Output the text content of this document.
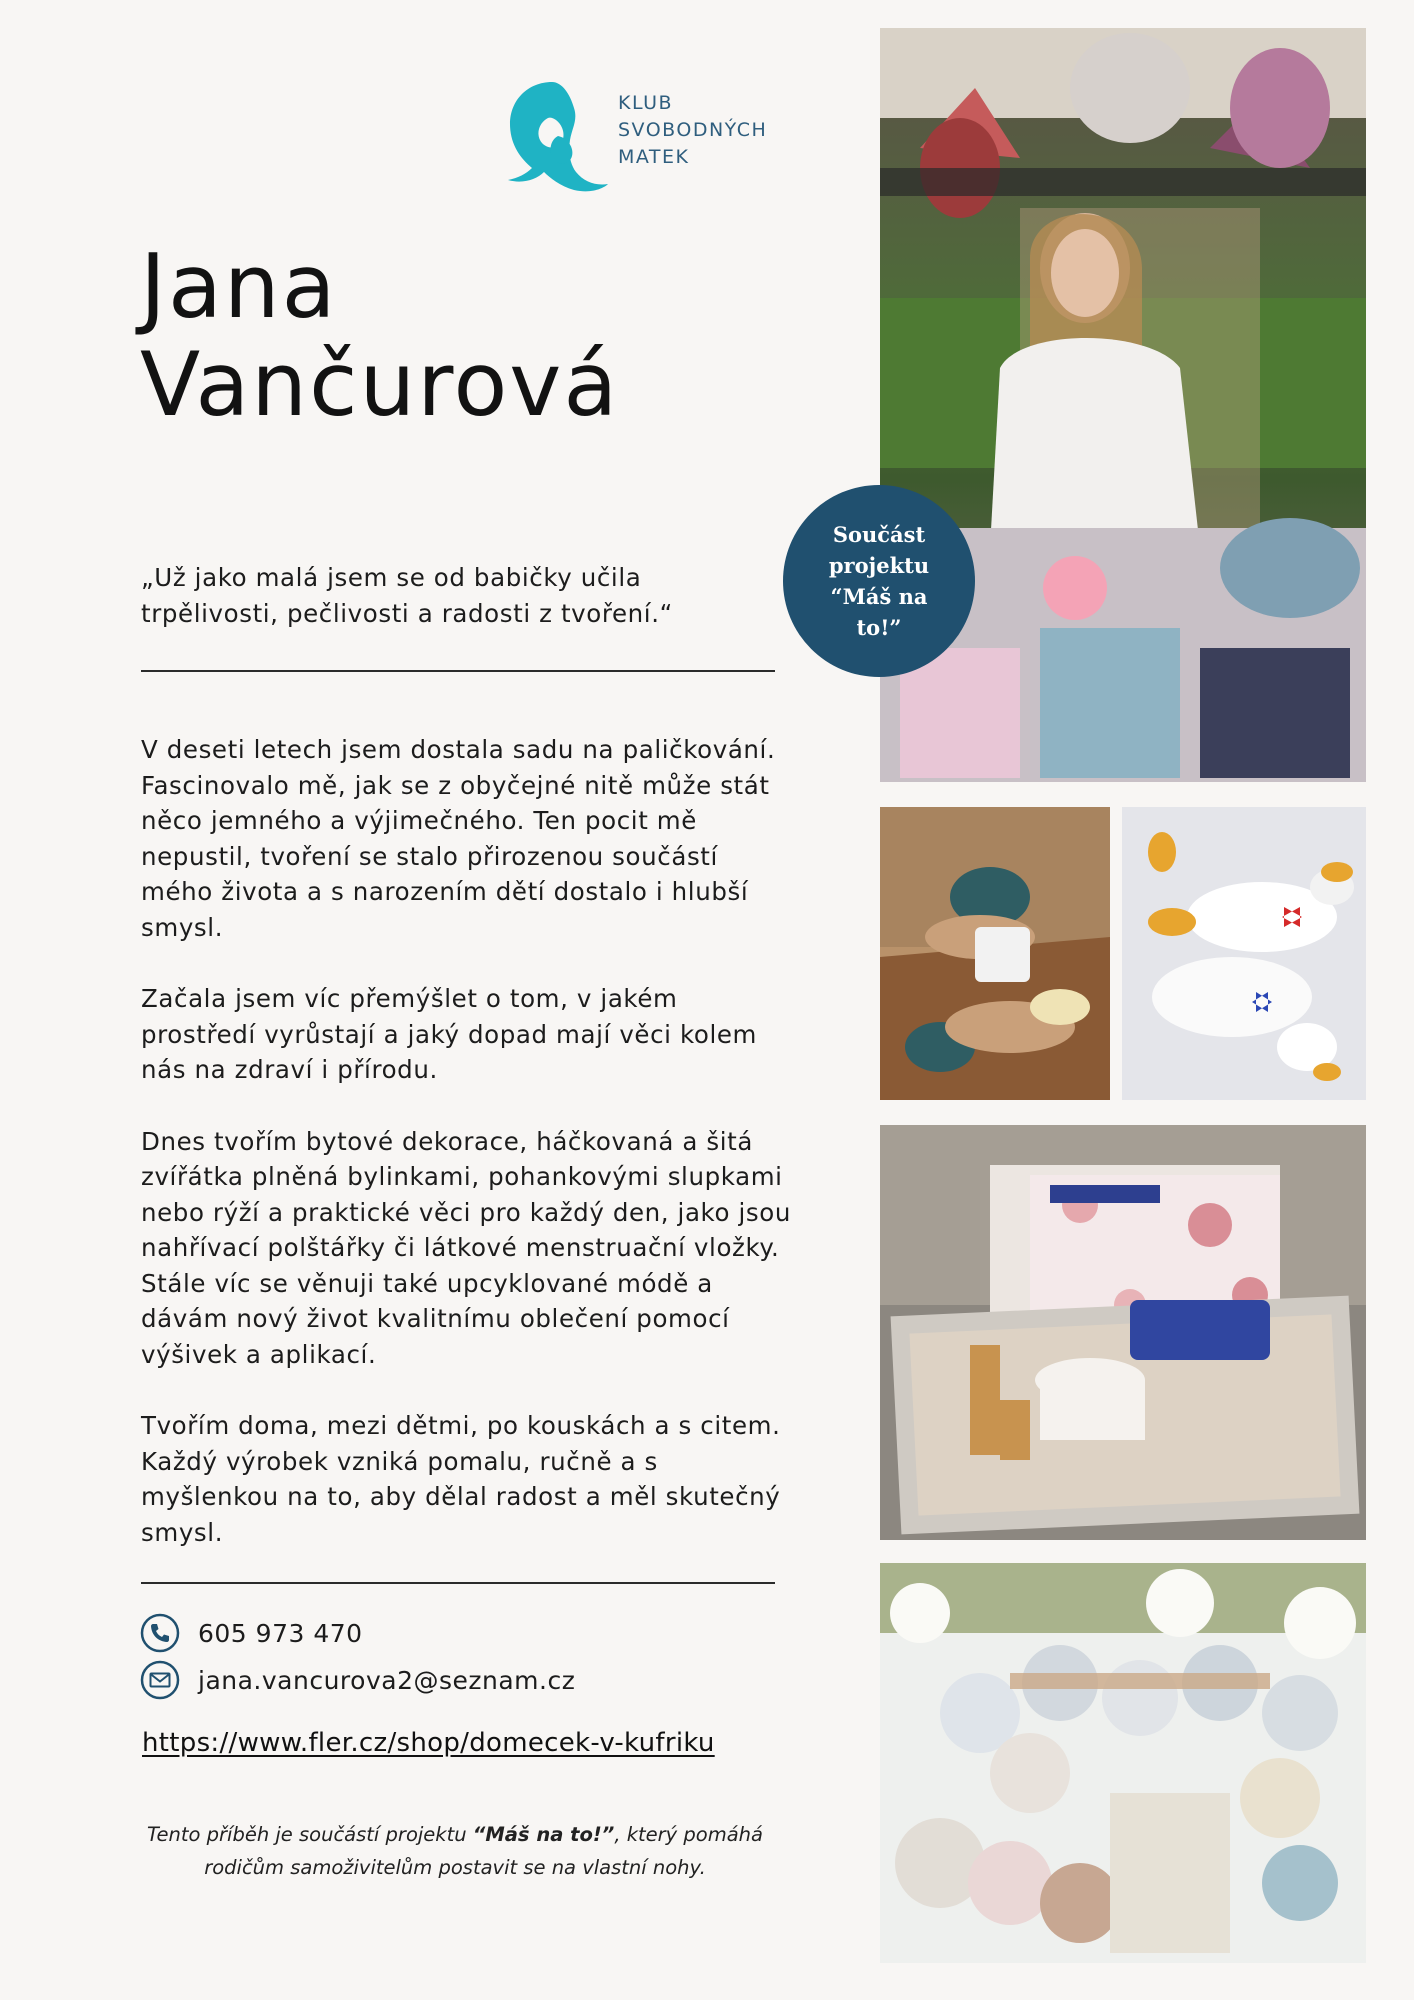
KLUB
SVOBODNÝCH
MATEK
Jana
Vančurová

„Už jako malá jsem se od babičky učila trpělivosti, pečlivosti a radosti z tvoření.“

V deseti letech jsem dostala sadu na paličkování. Fascinovalo mě, jak se z obyčejné nitě může stát něco jemného a výjimečného. Ten pocit mě nepustil, tvoření se stalo přirozenou součástí mého života a s narozením dětí dostalo i hlubší smysl.

Začala jsem víc přemýšlet o tom, v jakém prostředí vyrůstají a jaký dopad mají věci kolem nás na zdraví i přírodu.

Dnes tvořím bytové dekorace, háčkovaná a šitá zvířátka plněná bylinkami, pohankovými slupkami nebo rýží a praktické věci pro každý den, jako jsou nahřívací polštářky či látkové menstruační vložky. Stále víc se věnuji také upcyklované módě a dávám nový život kvalitnímu oblečení pomocí výšivek a aplikací.

Tvořím doma, mezi dětmi, po kouskách a s citem. Každý výrobek vzniká pomalu, ručně a s myšlenkou na to, aby dělal radost a měl skutečný smysl.

605 973 470
jana.vancurova2@seznam.cz
https://www.fler.cz/shop/domecek-v-kufriku
Tento příběh je součástí projektu “Máš na to!”, který pomáhá rodičům samoživitelům postavit se na vlastní nohy.
Součást projektu “Máš na to!”
